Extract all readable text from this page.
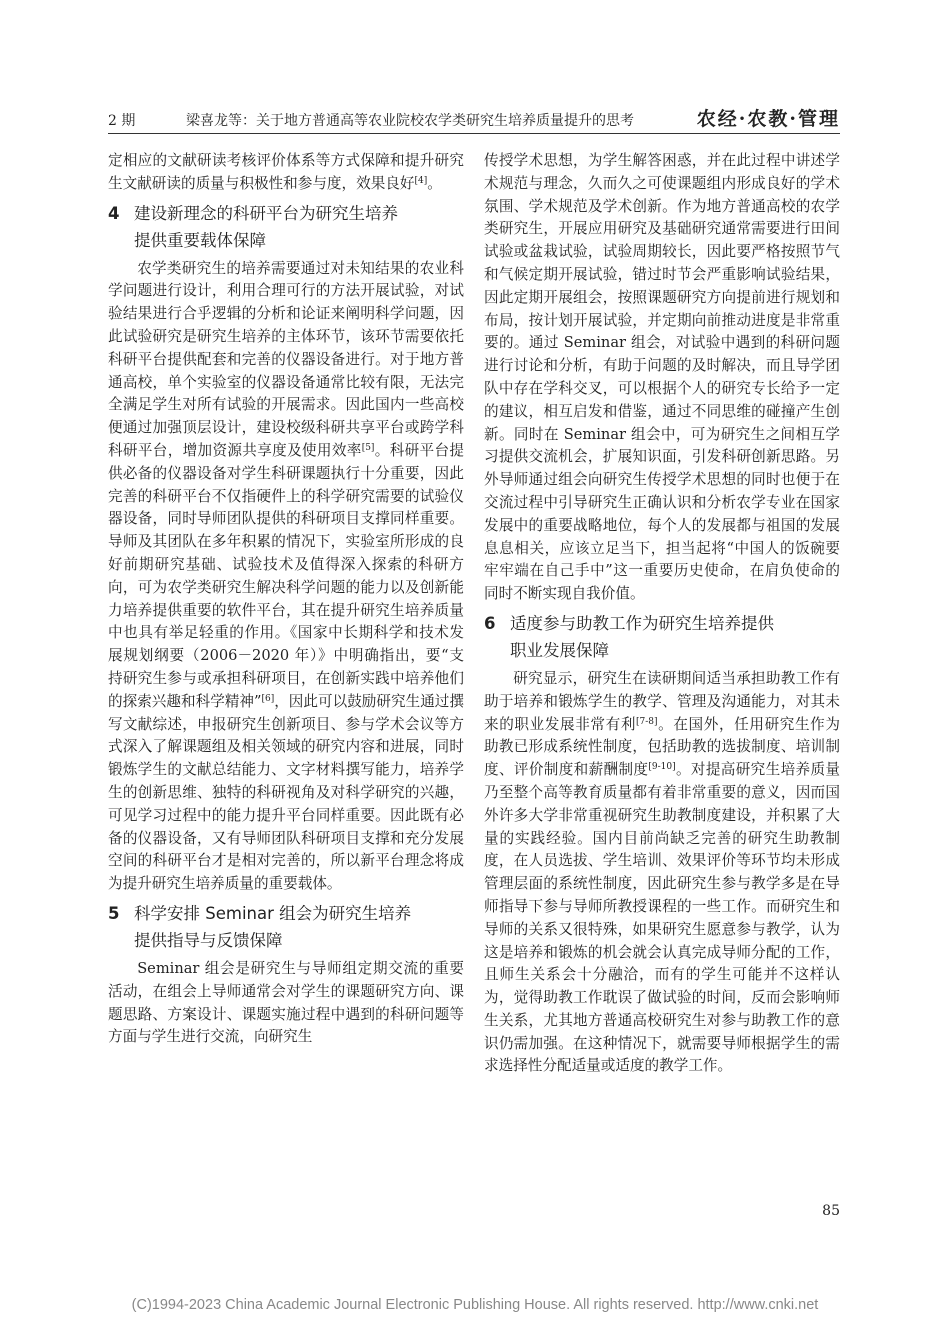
2 期	梁喜龙等：关于地方普通高等农业院校农学类研究生培养质量提升的思考	农经·农教·管理

定相应的文献研读考核评价体系等方式保障和提升研究生文献研读的质量与积极性和参与度，效果良好[4]。

4 建设新理念的科研平台为研究生培养
提供重要载体保障

农学类研究生的培养需要通过对未知结果的农业科学问题进行设计，利用合理可行的方法开展试验，对试验结果进行合乎逻辑的分析和论证来阐明科学问题，因此试验研究是研究生培养的主体环节，该环节需要依托科研平台提供配套和完善的仪器设备进行。对于地方普通高校，单个实验室的仪器设备通常比较有限，无法完全满足学生对所有试验的开展需求。因此国内一些高校便通过加强顶层设计，建设校级科研共享平台或跨学科科研平台，增加资源共享度及使用效率[5]。科研平台提供必备的仪器设备对学生科研课题执行十分重要，因此完善的科研平台不仅指硬件上的科学研究需要的试验仪器设备，同时导师团队提供的科研项目支撑同样重要。导师及其团队在多年积累的情况下，实验室所形成的良好前期研究基础、试验技术及值得深入探索的科研方向，可为农学类研究生解决科学问题的能力以及创新能力培养提供重要的软件平台，其在提升研究生培养质量中也具有举足轻重的作用。《国家中长期科学和技术发展规划纲要（2006－2020 年）》中明确指出，要“支持研究生参与或承担科研项目，在创新实践中培养他们的探索兴趣和科学精神”[6]，因此可以鼓励研究生通过撰写文献综述，申报研究生创新项目、参与学术会议等方式深入了解课题组及相关领域的研究内容和进展，同时锻炼学生的文献总结能力、文字材料撰写能力，培养学生的创新思维、独特的科研视角及对科学研究的兴趣，可见学习过程中的能力提升平台同样重要。因此既有必备的仪器设备，又有导师团队科研项目支撑和充分发展空间的科研平台才是相对完善的，所以新平台理念将成为提升研究生培养质量的重要载体。

5 科学安排 Seminar 组会为研究生培养
提供指导与反馈保障

Seminar 组会是研究生与导师组定期交流的重要活动，在组会上导师通常会对学生的课题研究方向、课题思路、方案设计、课题实施过程中遇到的科研问题等方面与学生进行交流，向研究生

传授学术思想，为学生解答困惑，并在此过程中讲述学术规范与理念，久而久之可使课题组内形成良好的学术氛围、学术规范及学术创新。作为地方普通高校的农学类研究生，开展应用研究及基础研究通常需要进行田间试验或盆栽试验，试验周期较长，因此要严格按照节气和气候定期开展试验，错过时节会严重影响试验结果，因此定期开展组会，按照课题研究方向提前进行规划和布局，按计划开展试验，并定期向前推动进度是非常重要的。通过 Seminar 组会，对试验中遇到的科研问题进行讨论和分析，有助于问题的及时解决，而且导学团队中存在学科交叉，可以根据个人的研究专长给予一定的建议，相互启发和借鉴，通过不同思维的碰撞产生创新。同时在 Seminar 组会中，可为研究生之间相互学习提供交流机会，扩展知识面，引发科研创新思路。另外导师通过组会向研究生传授学术思想的同时也便于在交流过程中引导研究生正确认识和分析农学专业在国家发展中的重要战略地位，每个人的发展都与祖国的发展息息相关，应该立足当下，担当起将“中国人的饭碗要牢牢端在自己手中”这一重要历史使命，在肩负使命的同时不断实现自我价值。

6 适度参与助教工作为研究生培养提供
职业发展保障

研究显示，研究生在读研期间适当承担助教工作有助于培养和锻炼学生的教学、管理及沟通能力，对其未来的职业发展非常有利[7-8]。在国外，任用研究生作为助教已形成系统性制度，包括助教的选拔制度、培训制度、评价制度和薪酬制度[9-10]。对提高研究生培养质量乃至整个高等教育质量都有着非常重要的意义，因而国外许多大学非常重视研究生助教制度建设，并积累了大量的实践经验。国内目前尚缺乏完善的研究生助教制度，在人员选拔、学生培训、效果评价等环节均未形成管理层面的系统性制度，因此研究生参与教学多是在导师指导下参与导师所教授课程的一些工作。而研究生和导师的关系又很特殊，如果研究生愿意参与教学，认为这是培养和锻炼的机会就会认真完成导师分配的工作，且师生关系会十分融洽，而有的学生可能并不这样认为，觉得助教工作耽误了做试验的时间，反而会影响师生关系，尤其地方普通高校研究生对参与助教工作的意识仍需加强。在这种情况下，就需要导师根据学生的需求选择性分配适量或适度的教学工作。

85
(C)1994-2023 China Academic Journal Electronic Publishing House. All rights reserved. http://www.cnki.net
